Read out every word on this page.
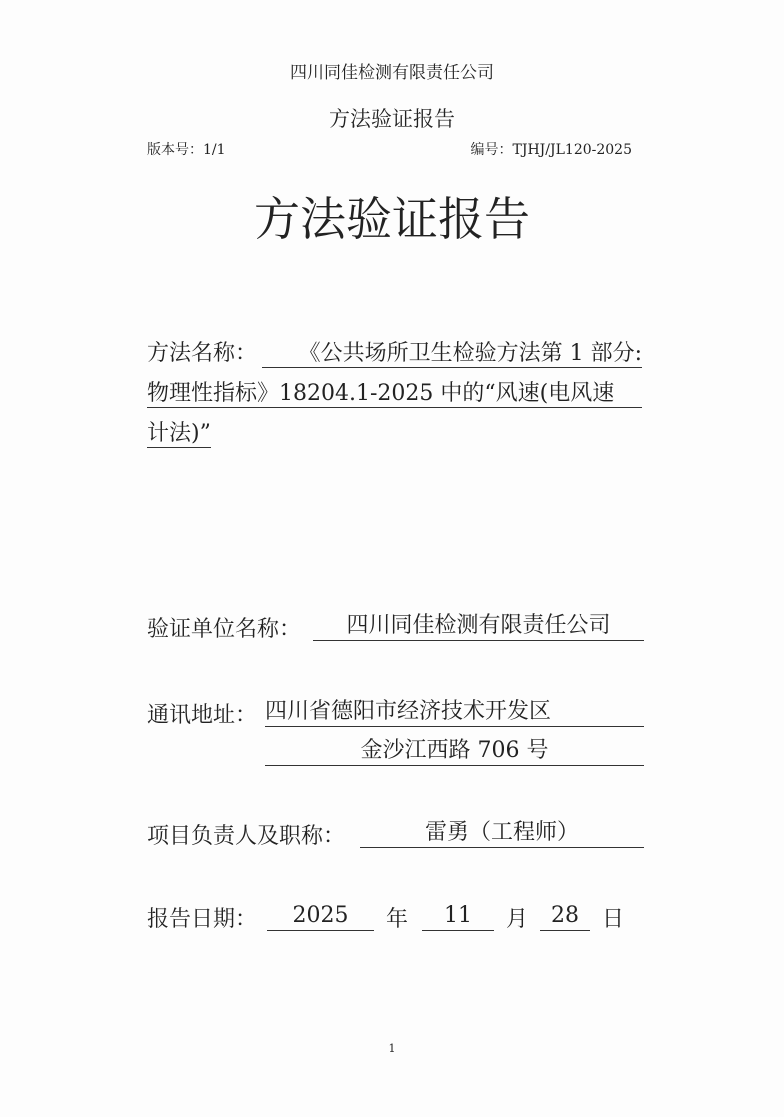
四川同佳检测有限责任公司
方法验证报告
版本号：1/1	编号：TJHJ/JL120-2025
方法验证报告
方法名称：	《公共场所卫生检验方法第 1 部分:
物理性指标》18204.1-2025 中的“风速(电风速
计法)”
验证单位名称：	四川同佳检测有限责任公司
通讯地址： 四川省德阳市经济技术开发区
金沙江西路 706 号
项目负责人及职称：	雷勇（工程师）
报告日期：	2025	年	11	月	28	日
1
